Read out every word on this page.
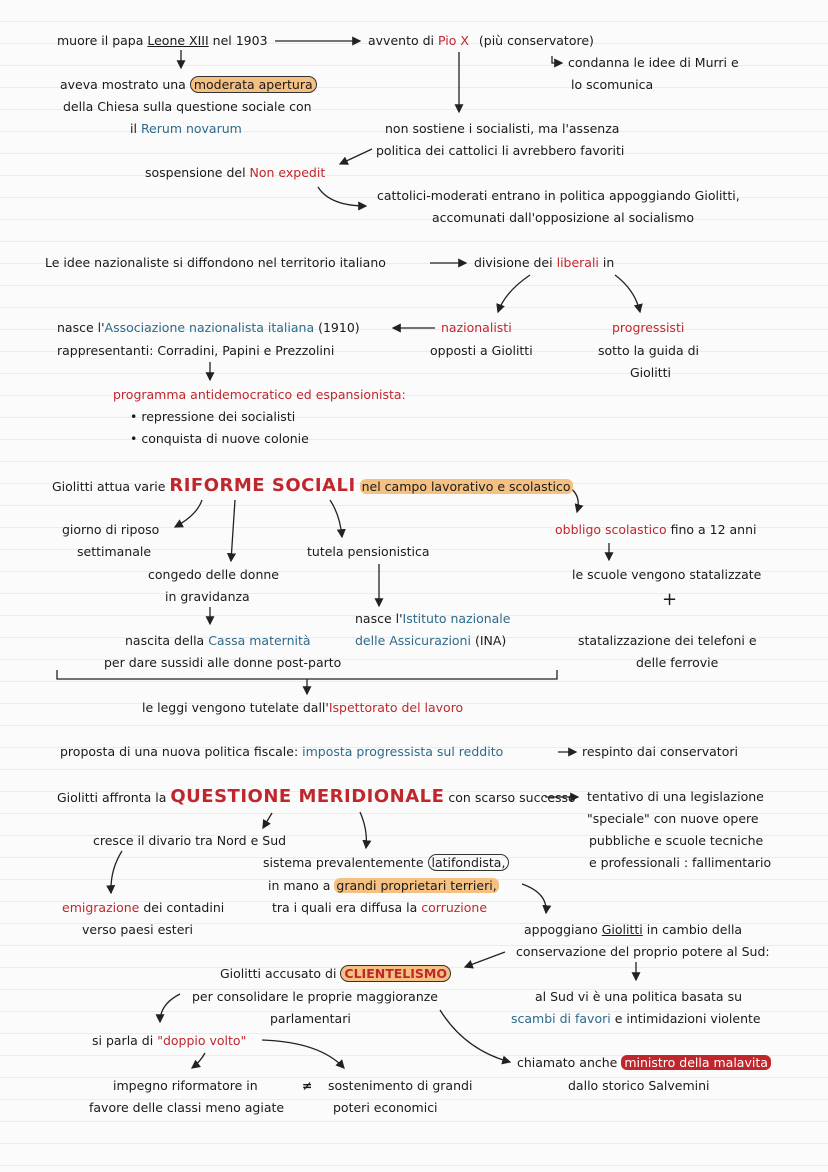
muore il papa Leone XIII nel 1903	avvento di Pio X (più conservatore)
condanna le idee di Murri e
lo scomunica
aveva mostrato una moderata apertura
della Chiesa sulla questione sociale con
il Rerum novarum	non sostiene i socialisti, ma l'assenza
politica dei cattolici li avrebbero favoriti
sospensione del Non expedit
cattolici-moderati entrano in politica appoggiando Giolitti,
accomunati dall'opposizione al socialismo
Le idee nazionaliste si diffondono nel territorio italiano	divisione dei liberali in
nasce l'Associazione nazionalista italiana (1910)
rappresentanti: Corradini, Papini e Prezzolini
nazionalisti
opposti a Giolitti
progressisti
sotto la guida di
Giolitti
programma antidemocratico ed espansionista:
• repressione dei socialisti
• conquista di nuove colonie
Giolitti attua varie RIFORME SOCIALI nel campo lavorativo e scolastico
giorno di riposo
settimanale
congedo delle donne
in gravidanza
tutela pensionistica
obbligo scolastico fino a 12 anni
le scuole vengono statalizzate
+
statalizzazione dei telefoni e
delle ferrovie
nasce l'Istituto nazionale
delle Assicurazioni (INA)
nascita della Cassa maternità
per dare sussidi alle donne post-parto
le leggi vengono tutelate dall'Ispettorato del lavoro
proposta di una nuova politica fiscale: imposta progressista sul reddito	respinto dai conservatori
Giolitti affronta la QUESTIONE MERIDIONALE con scarso successo tentativo di una legislazione
"speciale" con nuove opere
pubbliche e scuole tecniche
e professionali : fallimentario
cresce il divario tra Nord e Sud
sistema prevalentemente latifondista,
in mano a grandi proprietari terrieri,
tra i quali era diffusa la corruzione
emigrazione dei contadini
verso paesi esteri	appoggiano Giolitti in cambio della
conservazione del proprio potere al Sud:
Giolitti accusato di CLIENTELISMO
per consolidare le proprie maggioranze
parlamentari
al Sud vi è una politica basata su
scambi di favori e intimidazioni violente
si parla di "doppio volto"
chiamato anche ministro della malavita
dallo storico Salvemini
impegno riformatore in
favore delle classi meno agiate
≠ sostenimento di grandi
poteri economici
